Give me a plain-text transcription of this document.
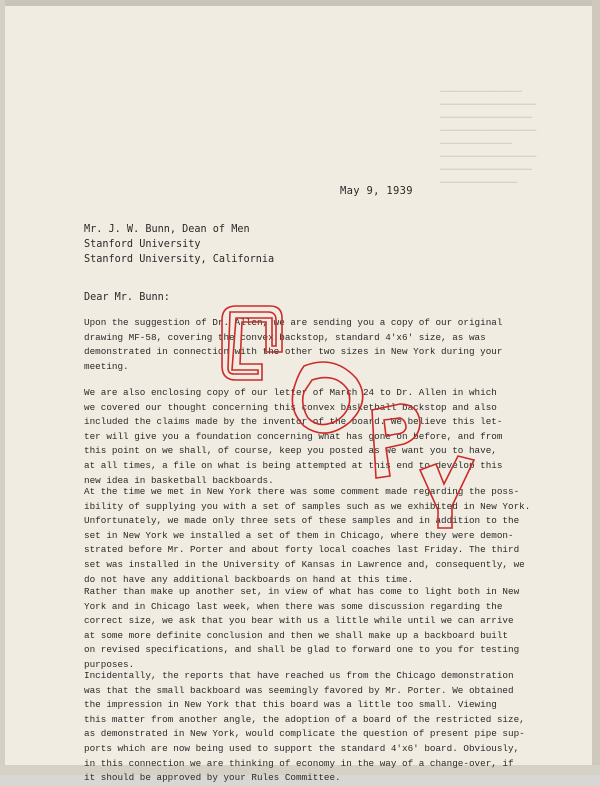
━━━━━━━━━━━━━━━━━
━━━━━━━━━━━━━━━━━━━━
━━━━━━━━━━━━━━━━━━━
━━━━━━━━━━━━━━━━━━━━
━━━━━━━━━━━━━━━
━━━━━━━━━━━━━━━━━━━━
━━━━━━━━━━━━━━━━━━━
━━━━━━━━━━━━━━━━
May 9, 1939
Mr. J. W. Bunn, Dean of Men
Stanford University
Stanford University, California
Dear Mr. Bunn:
Upon the suggestion of Dr. Allen, we are sending you a copy of our original
drawing MF-58, covering the convex backstop, standard 4'x6' size, as was
demonstrated in connection with the other two sizes in New York during your
meeting.
We are also enclosing copy of our letter of March 24 to Dr. Allen in which
we covered our thought concerning this convex basketball backstop and also
included the claims made by the inventor of the board. We believe this let-
ter will give you a foundation concerning what has gone on before, and from
this point on we shall, of course, keep you posted as we want you to have,
at all times, a file on what is being attempted at this end to develop this
new idea in basketball backboards.
At the time we met in New York there was some comment made regarding the poss-
ibility of supplying you with a set of samples such as we exhibited in New York.
Unfortunately, we made only three sets of these samples and in addition to the
set in New York we installed a set of them in Chicago, where they were demon-
strated before Mr. Porter and about forty local coaches last Friday. The third
set was installed in the University of Kansas in Lawrence and, consequently, we
do not have any additional backboards on hand at this time.
Rather than make up another set, in view of what has come to light both in New
York and in Chicago last week, when there was some discussion regarding the
correct size, we ask that you bear with us a little while until we can arrive
at some more definite conclusion and then we shall make up a backboard built
on revised specifications, and shall be glad to forward one to you for testing
purposes.
Incidentally, the reports that have reached us from the Chicago demonstration
was that the small backboard was seemingly favored by Mr. Porter. We obtained
the impression in New York that this board was a little too small. Viewing
this matter from another angle, the adoption of a board of the restricted size,
as demonstrated in New York, would complicate the question of present pipe sup-
ports which are now being used to support the standard 4'x6' board. Obviously,
in this connection we are thinking of economy in the way of a change-over, if
it should be approved by your Rules Committee.
